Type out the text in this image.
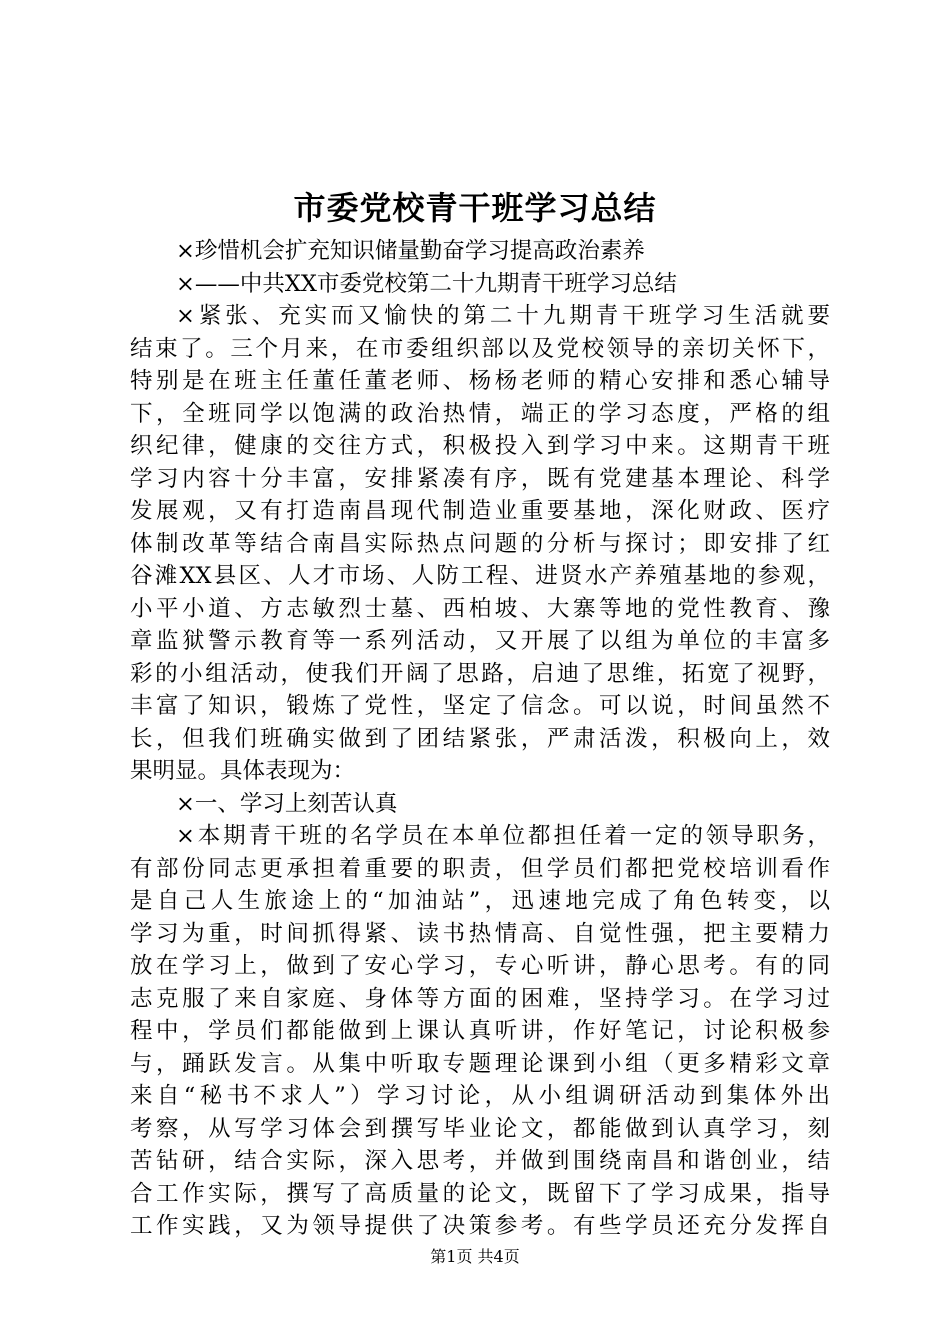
市委党校青干班学习总结
×珍惜机会扩充知识储量勤奋学习提高政治素养
×——中共XX市委党校第二十九期青干班学习总结
×紧张、充实而又愉快的第二十九期青干班学习生活就要
结束了。三个月来，在市委组织部以及党校领导的亲切关怀下，
特别是在班主任董任董老师、杨杨老师的精心安排和悉心辅导
下，全班同学以饱满的政治热情，端正的学习态度，严格的组
织纪律，健康的交往方式，积极投入到学习中来。这期青干班
学习内容十分丰富，安排紧凑有序，既有党建基本理论、科学
发展观，又有打造南昌现代制造业重要基地，深化财政、医疗
体制改革等结合南昌实际热点问题的分析与探讨；即安排了红
谷滩XX县区、人才市场、人防工程、进贤水产养殖基地的参观，
小平小道、方志敏烈士墓、西柏坡、大寨等地的党性教育、豫
章监狱警示教育等一系列活动，又开展了以组为单位的丰富多
彩的小组活动，使我们开阔了思路，启迪了思维，拓宽了视野，
丰富了知识，锻炼了党性，坚定了信念。可以说，时间虽然不
长，但我们班确实做到了团结紧张，严肃活泼，积极向上，效
果明显。具体表现为：
×一、学习上刻苦认真
×本期青干班的名学员在本单位都担任着一定的领导职务，
有部份同志更承担着重要的职责，但学员们都把党校培训看作
是自己人生旅途上的“加油站”，迅速地完成了角色转变，以
学习为重，时间抓得紧、读书热情高、自觉性强，把主要精力
放在学习上，做到了安心学习，专心听讲，静心思考。有的同
志克服了来自家庭、身体等方面的困难，坚持学习。在学习过
程中，学员们都能做到上课认真听讲，作好笔记，讨论积极参
与，踊跃发言。从集中听取专题理论课到小组（更多精彩文章
来自“秘书不求人”）学习讨论，从小组调研活动到集体外出
考察，从写学习体会到撰写毕业论文，都能做到认真学习，刻
苦钻研，结合实际，深入思考，并做到围绕南昌和谐创业，结
合工作实际，撰写了高质量的论文，既留下了学习成果，指导
工作实践，又为领导提供了决策参考。有些学员还充分发挥自
第1页 共4页
